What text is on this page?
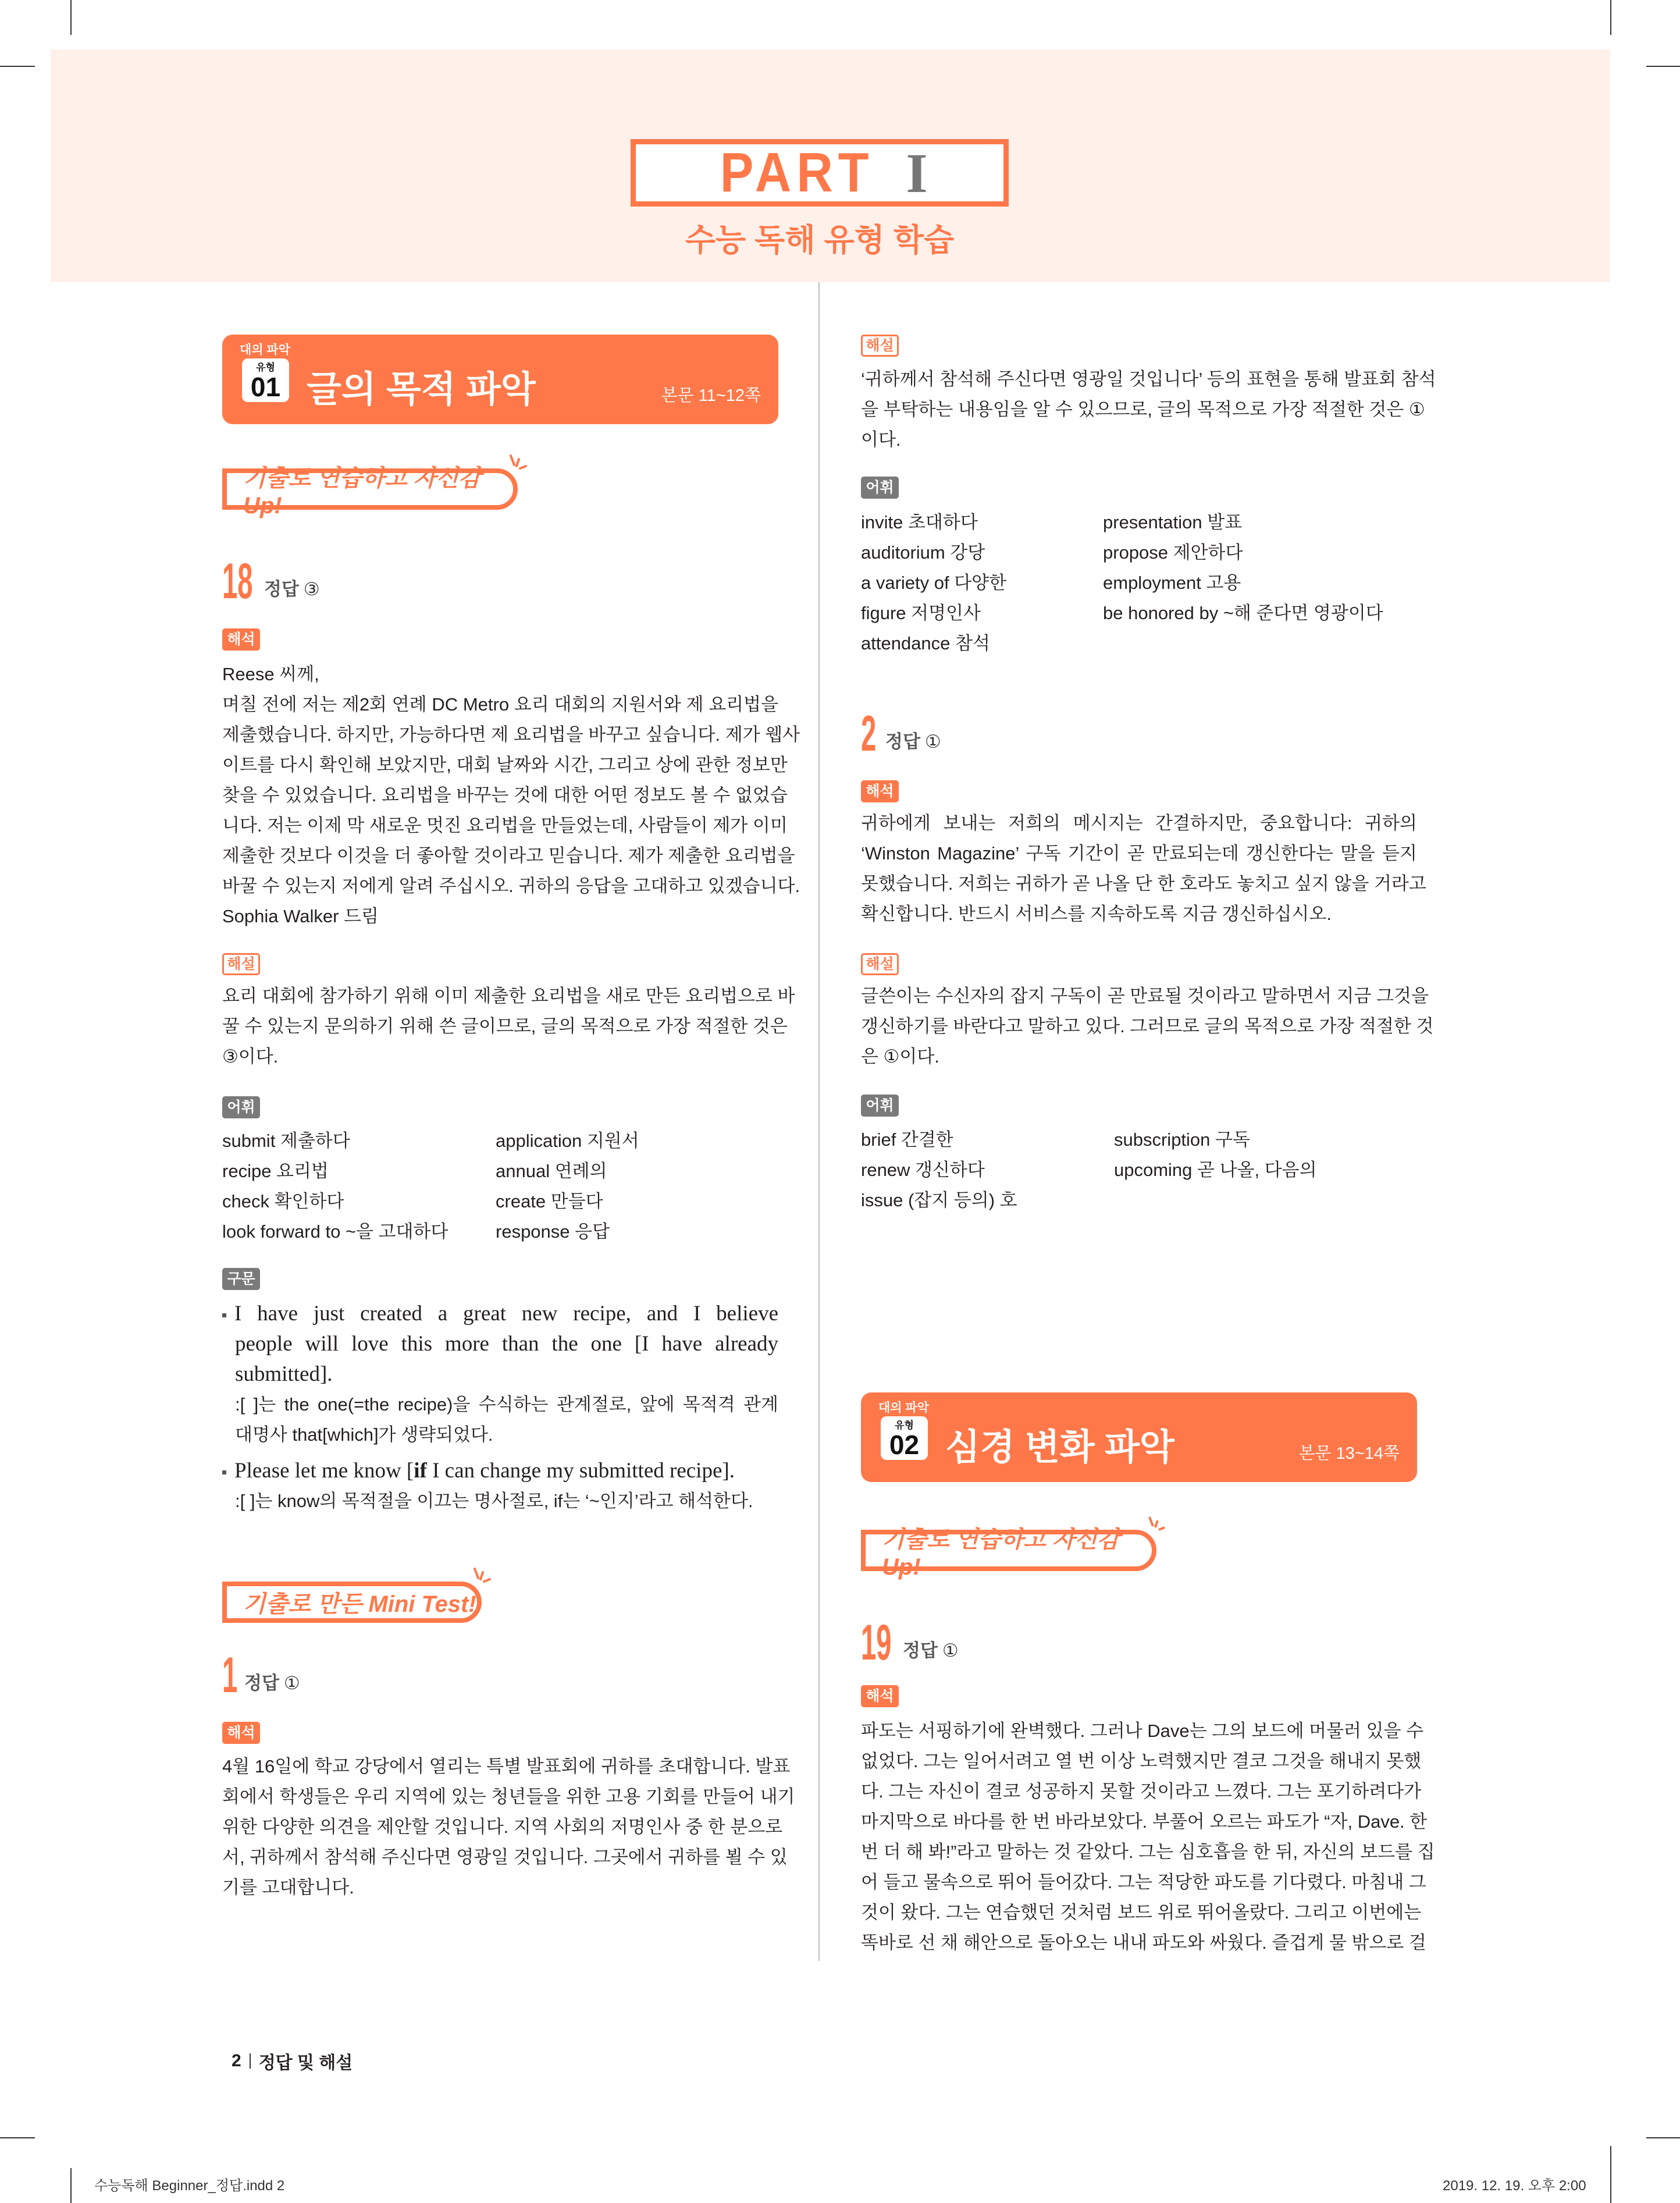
PART I
수능 독해 유형 학습
대의 파악
유형
01 글의 목적 파악	본문 11~12쪽
기출로 연습하고 자신감 Up!
18 정답 ③
해석
Reese 씨께,
며칠 전에 저는 제2회 연례 DC Metro 요리 대회의 지원서와 제 요리법을
제출했습니다. 하지만, 가능하다면 제 요리법을 바꾸고 싶습니다. 제가 웹사
이트를 다시 확인해 보았지만, 대회 날짜와 시간, 그리고 상에 관한 정보만
찾을 수 있었습니다. 요리법을 바꾸는 것에 대한 어떤 정보도 볼 수 없었습
니다. 저는 이제 막 새로운 멋진 요리법을 만들었는데, 사람들이 제가 이미
제출한 것보다 이것을 더 좋아할 것이라고 믿습니다. 제가 제출한 요리법을
바꿀 수 있는지 저에게 알려 주십시오. 귀하의 응답을 고대하고 있겠습니다.
Sophia Walker 드림
해설
요리 대회에 참가하기 위해 이미 제출한 요리법을 새로 만든 요리법으로 바
꿀 수 있는지 문의하기 위해 쓴 글이므로, 글의 목적으로 가장 적절한 것은
③이다.
어휘
submit 제출하다	application 지원서
recipe 요리법	annual 연례의
check 확인하다	create 만들다
look forward to ~을 고대하다	response 응답
구문
I have just created a great new recipe, and I believe
people will love this more than the one [I have already
submitted].
:[ ]는 the one(=the recipe)을 수식하는 관계절로, 앞에 목적격 관계
대명사 that[which]가 생략되었다.
Please let me know [if I can change my submitted recipe].
:[ ]는 know의 목적절을 이끄는 명사절로, if는 ‘~인지’라고 해석한다.
기출로 만든 Mini Test!
1 정답 ①
해석
4월 16일에 학교 강당에서 열리는 특별 발표회에 귀하를 초대합니다. 발표
회에서 학생들은 우리 지역에 있는 청년들을 위한 고용 기회를 만들어 내기
위한 다양한 의견을 제안할 것입니다. 지역 사회의 저명인사 중 한 분으로
서, 귀하께서 참석해 주신다면 영광일 것입니다. 그곳에서 귀하를 뵐 수 있
기를 고대합니다.
해설
‘귀하께서 참석해 주신다면 영광일 것입니다’ 등의 표현을 통해 발표회 참석
을 부탁하는 내용임을 알 수 있으므로, 글의 목적으로 가장 적절한 것은 ①
이다.
어휘
invite 초대하다	presentation 발표
auditorium 강당	propose 제안하다
a variety of 다양한	employment 고용
figure 저명인사	be honored by ~해 준다면 영광이다
attendance 참석
2 정답 ①
해석
귀하에게 보내는 저희의 메시지는 간결하지만, 중요합니다: 귀하의
‘Winston Magazine’ 구독 기간이 곧 만료되는데 갱신한다는 말을 듣지
못했습니다. 저희는 귀하가 곧 나올 단 한 호라도 놓치고 싶지 않을 거라고
확신합니다. 반드시 서비스를 지속하도록 지금 갱신하십시오.
해설
글쓴이는 수신자의 잡지 구독이 곧 만료될 것이라고 말하면서 지금 그것을
갱신하기를 바란다고 말하고 있다. 그러므로 글의 목적으로 가장 적절한 것
은 ①이다.
어휘
brief 간결한	subscription 구독
renew 갱신하다	upcoming 곧 나올, 다음의
issue (잡지 등의) 호
대의 파악
유형
02 심경 변화 파악	본문 13~14쪽
기출로 연습하고 자신감 Up!
19 정답 ①
해석
파도는 서핑하기에 완벽했다. 그러나 Dave는 그의 보드에 머물러 있을 수
없었다. 그는 일어서려고 열 번 이상 노력했지만 결코 그것을 해내지 못했
다. 그는 자신이 결코 성공하지 못할 것이라고 느꼈다. 그는 포기하려다가
마지막으로 바다를 한 번 바라보았다. 부풀어 오르는 파도가 “자, Dave. 한
번 더 해 봐!”라고 말하는 것 같았다. 그는 심호흡을 한 뒤, 자신의 보드를 집
어 들고 물속으로 뛰어 들어갔다. 그는 적당한 파도를 기다렸다. 마침내 그
것이 왔다. 그는 연습했던 것처럼 보드 위로 뛰어올랐다. 그리고 이번에는
똑바로 선 채 해안으로 돌아오는 내내 파도와 싸웠다. 즐겁게 물 밖으로 걸
2 정답 및 해설
수능독해 Beginner_정답.indd 2	2019. 12. 19. 오후 2:00
